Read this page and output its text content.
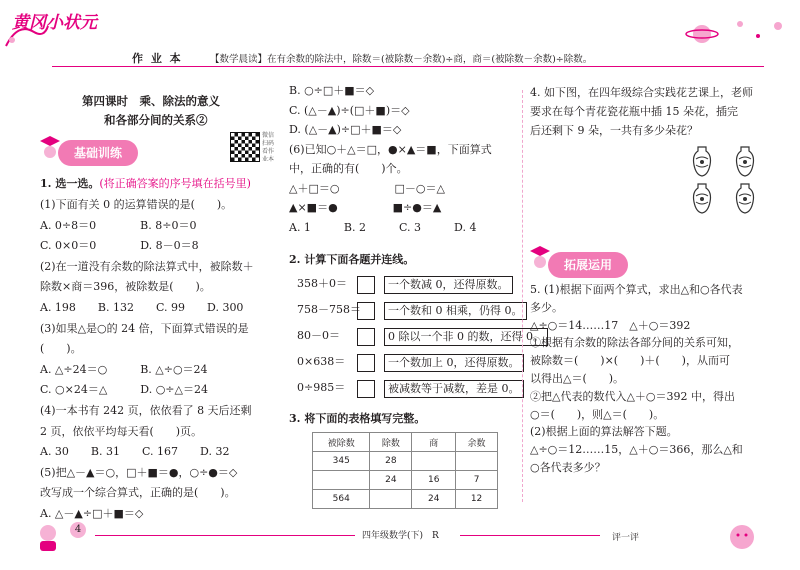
黄冈小状元
作 业 本	【数学晨读】在有余数的除法中，除数＝(被除数－余数)÷商，商＝(被除数－余数)÷除数。
第四课时　乘、除法的意义
和各部分间的关系②
微信扫码看作业本
基础训练
1. 选一选。(将正确答案的序号填在括号里)
(1)下面有关 0 的运算错误的是(　　)。
A. 0÷8＝0　　　　B. 8÷0＝0
C. 0×0＝0　　　　D. 8－0＝8
(2)在一道没有余数的除法算式中，被除数＋
除数×商＝396，被除数是(　　)。
A. 198　　B. 132　　C. 99　　D. 300
(3)如果△是○的 24 倍，下面算式错误的是
(　　)。
A. △÷24＝○　　　B. △÷○＝24
C. ○×24＝△　　　D. ○÷△＝24
(4)一本书有 242 页，依依看了 8 天后还剩
2 页，依依平均每天看(　　)页。
A. 30　　B. 31　　C. 167　　D. 32
(5)把△－▲＝○，□＋■＝●，○÷●＝◇
改写成一个综合算式，正确的是(　　)。
A. △－▲÷□＋■＝◇
B. ○÷□＋■＝◇
C. (△－▲)÷(□＋■)＝◇
D. (△－▲)÷□＋■＝◇
(6)已知○＋△＝□，●×▲＝■，下面算式
中，正确的有(　　)个。
△＋□＝○　　　　　□－○＝△
▲×■＝●　　　　　■÷●＝▲
A. 1　　　B. 2　　　C. 3　　　D. 4
2. 计算下面各题并连线。
358＋0＝	一个数减 0，还得原数。
758－758＝	一个数和 0 相乘，仍得 0。
80－0＝	0 除以一个非 0 的数，还得 0。
0×638＝	一个数加上 0，还得原数。
0÷985＝	被减数等于减数，差是 0。
3. 将下面的表格填写完整。
被除数	除数	商	余数
345	28		
	24	16	7
564		24	12
4. 如下图，在四年级综合实践花艺课上，老师
要求在每个青花瓷花瓶中插 15 朵花，插完
后还剩下 9 朵，一共有多少朵花？
拓展运用
5. (1)根据下面两个算式，求出△和○各代表
多少。
△÷○＝14……17　△＋○＝392
①根据有余数的除法各部分间的关系可知，
被除数＝(　　)×(　　)＋(　　)，从而可
以得出△＝(　　)。
②把△代表的数代入△＋○＝392 中，得出
○＝(　　)，则△＝(　　)。
(2)根据上面的算法解答下题。
△÷○＝12……15，△＋○＝366，那么△和
○各代表多少？
4
四年级数学(下)　R	评一评
